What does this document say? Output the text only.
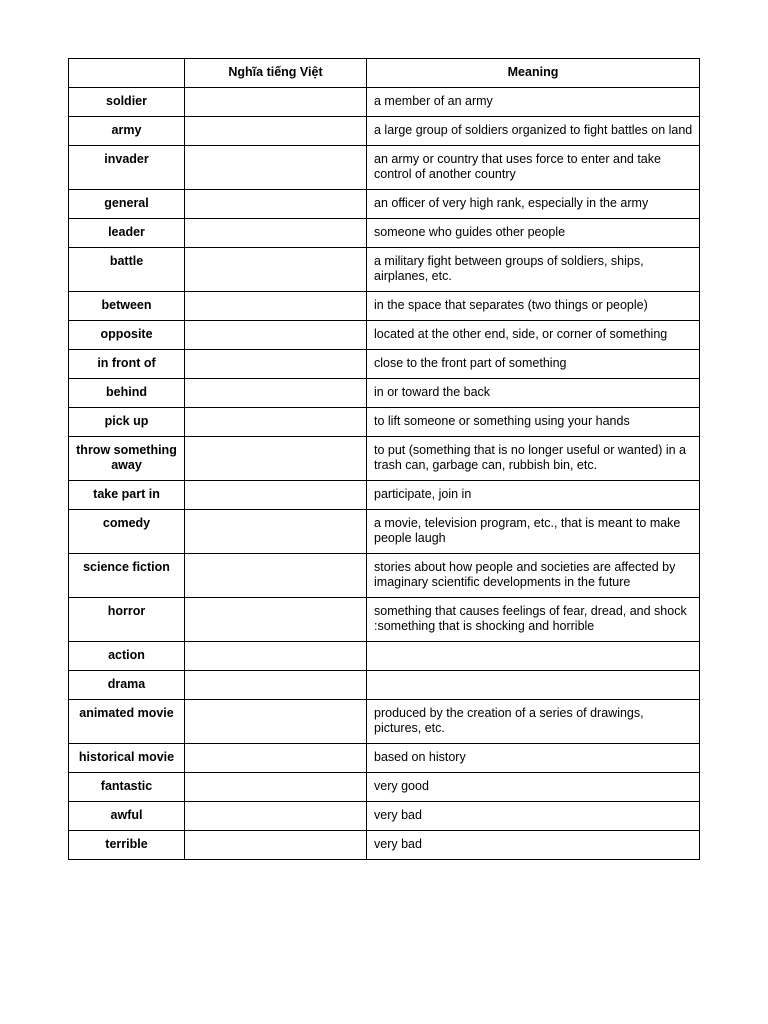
	Nghĩa tiếng Việt	Meaning
soldier		a member of an army
army		a large group of soldiers organized to fight battles on land
invader		an army or country that uses force to enter and take control of another country
general		an officer of very high rank, especially in the army
leader		someone who guides other people
battle		a military fight between groups of soldiers, ships, airplanes, etc.
between		in the space that separates (two things or people)
opposite		located at the other end, side, or corner of something
in front of		close to the front part of something
behind		in or toward the back
pick up		to lift someone or something using your hands
throw something away		to put (something that is no longer useful or wanted) in a trash can, garbage can, rubbish bin, etc.
take part in		participate, join in
comedy		a movie, television program, etc., that is meant to make people laugh
science fiction		stories about how people and societies are affected by imaginary scientific developments in the future
horror		something that causes feelings of fear, dread, and shock :something that is shocking and horrible
action		
drama		
animated movie		produced by the creation of a series of drawings, pictures, etc.
historical movie		based on history
fantastic		very good
awful		very bad
terrible		very bad
